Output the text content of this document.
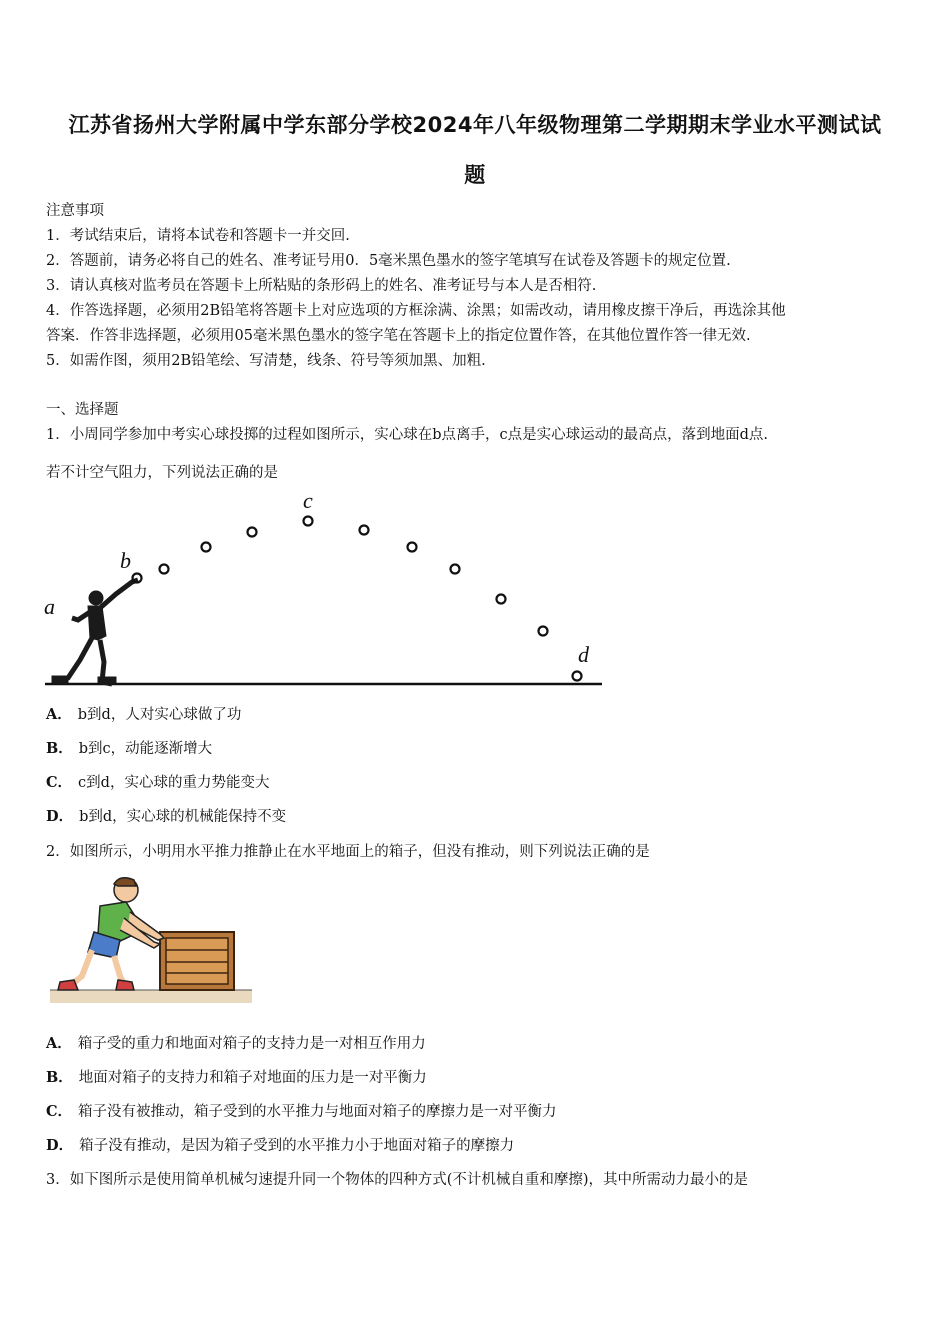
江苏省扬州大学附属中学东部分学校2024年八年级物理第二学期期末学业水平测试试
题
注意事项
1．考试结束后，请将本试卷和答题卡一并交回.
2．答题前，请务必将自己的姓名、准考证号用0．5毫米黑色墨水的签字笔填写在试卷及答题卡的规定位置.
3．请认真核对监考员在答题卡上所粘贴的条形码上的姓名、准考证号与本人是否相符.
4．作答选择题，必须用2B铅笔将答题卡上对应选项的方框涂满、涂黑；如需改动，请用橡皮擦干净后，再选涂其他
答案．作答非选择题，必须用05毫米黑色墨水的签字笔在答题卡上的指定位置作答，在其他位置作答一律无效.
5．如需作图，须用2B铅笔绘、写清楚，线条、符号等须加黑、加粗.
一、选择题
1．小周同学参加中考实心球投掷的过程如图所示，实心球在b点离手，c点是实心球运动的最高点，落到地面d点.
若不计空气阻力，下列说法正确的是
a
b
c
d
A． b到d，人对实心球做了功
B． b到c，动能逐渐增大
C． c到d，实心球的重力势能变大
D． b到d，实心球的机械能保持不变
2．如图所示，小明用水平推力推静止在水平地面上的箱子，但没有推动，则下列说法正确的是
A． 箱子受的重力和地面对箱子的支持力是一对相互作用力
B． 地面对箱子的支持力和箱子对地面的压力是一对平衡力
C． 箱子没有被推动，箱子受到的水平推力与地面对箱子的摩擦力是一对平衡力
D． 箱子没有推动，是因为箱子受到的水平推力小于地面对箱子的摩擦力
3．如下图所示是使用简单机械匀速提升同一个物体的四种方式(不计机械自重和摩擦)，其中所需动力最小的是
